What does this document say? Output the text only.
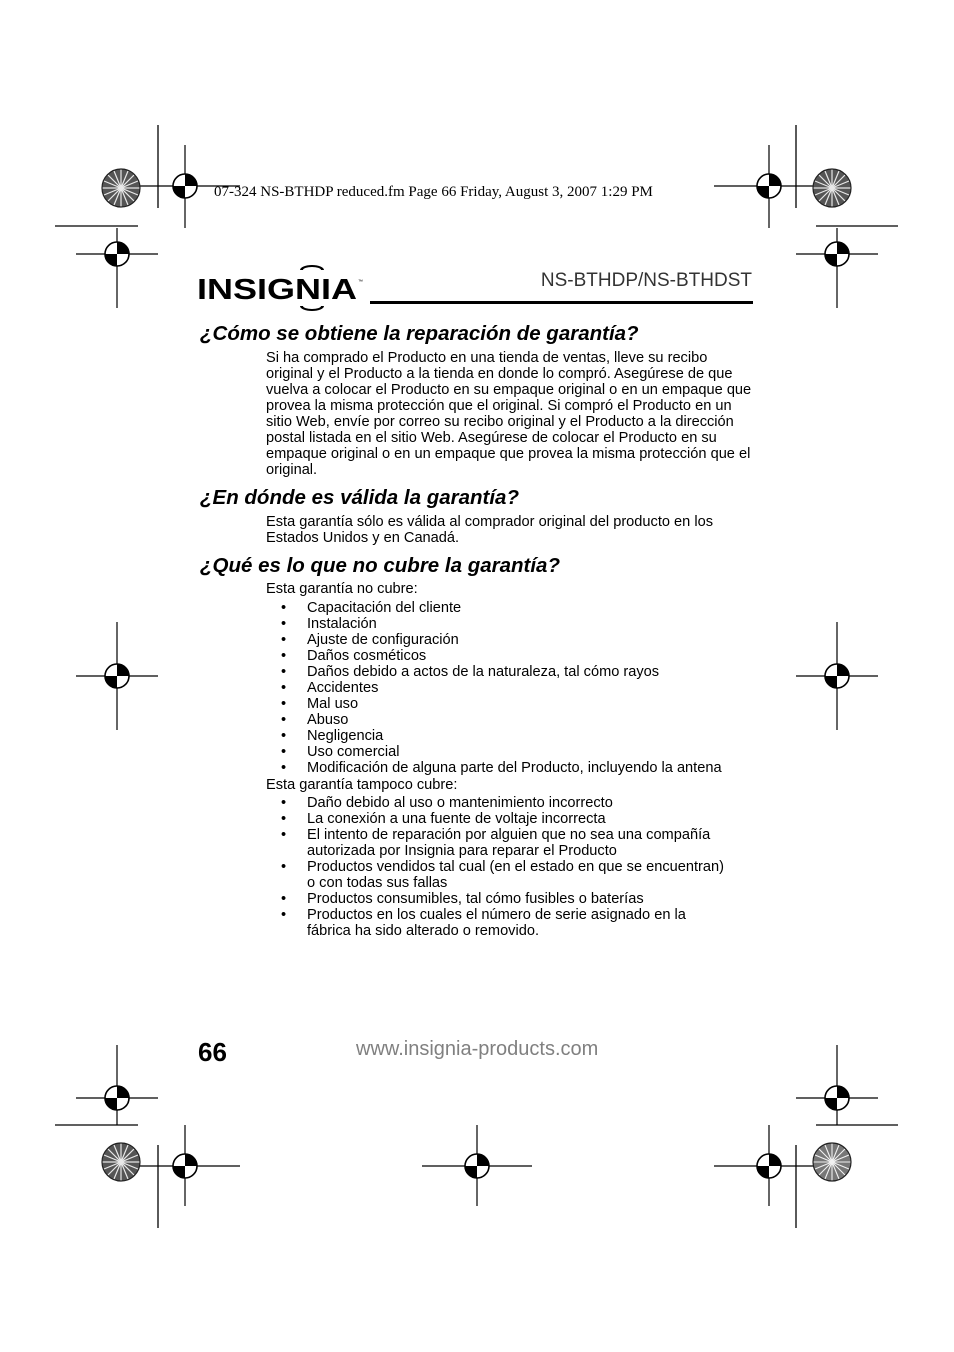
07-324 NS-BTHDP reduced.fm Page 66 Friday, August 3, 2007 1:29 PM
INSIGNIA ™	NS-BTHDP/NS-BTHDST
¿Cómo se obtiene la reparación de garantía?

Si ha comprado el Producto en una tienda de ventas, lleve su recibo original y el Producto a la tienda en donde lo compró. Asegúrese de que vuelva a colocar el Producto en su empaque original o en un empaque que provea la misma protección que el original. Si compró el Producto en un sitio Web, envíe por correo su recibo original y el Producto a la dirección postal listada en el sitio Web. Asegúrese de colocar el Producto en su empaque original o en un empaque que provea la misma protección que el original.

¿En dónde es válida la garantía?

Esta garantía sólo es válida al comprador original del producto en los Estados Unidos y en Canadá.

¿Qué es lo que no cubre la garantía?

Esta garantía no cubre:

• Capacitación del cliente
• Instalación
• Ajuste de configuración
• Daños cosméticos
• Daños debido a actos de la naturaleza, tal cómo rayos
• Accidentes
• Mal uso
• Abuso
• Negligencia
• Uso comercial
• Modificación de alguna parte del Producto, incluyendo la antena

Esta garantía tampoco cubre:

• Daño debido al uso o mantenimiento incorrecto
• La conexión a una fuente de voltaje incorrecta
• El intento de reparación por alguien que no sea una compañía autorizada por Insignia para reparar el Producto
• Productos vendidos tal cual (en el estado en que se encuentran) o con todas sus fallas
• Productos consumibles, tal cómo fusibles o baterías
• Productos en los cuales el número de serie asignado en la fábrica ha sido alterado o removido.
66	www.insignia-products.com
